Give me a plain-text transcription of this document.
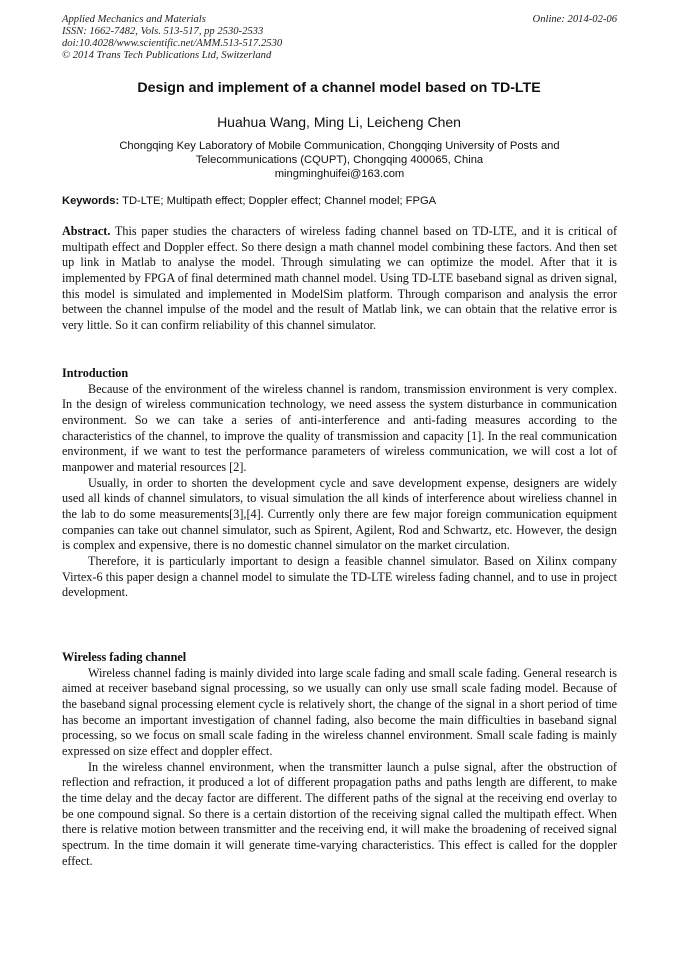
Applied Mechanics and Materials
ISSN: 1662-7482, Vols. 513-517, pp 2530-2533
doi:10.4028/www.scientific.net/AMM.513-517.2530
© 2014 Trans Tech Publications Ltd, Switzerland
Online: 2014-02-06
Design and implement of a channel model based on TD-LTE
Huahua Wang, Ming Li, Leicheng Chen
Chongqing Key Laboratory of Mobile Communication, Chongqing University of Posts and
Telecommunications (CQUPT), Chongqing 400065, China
mingminghuifei@163.com
Keywords: TD-LTE; Multipath effect; Doppler effect; Channel model; FPGA

Abstract. This paper studies the characters of wireless fading channel based on TD-LTE, and it is critical of multipath effect and Doppler effect. So there design a math channel model combining these factors. And then set up link in Matlab to analyse the model. Through simulating we can optimize the model. After that it is implemented by FPGA of final determined math channel model. Using TD-LTE baseband signal as driven signal, this model is simulated and implemented in ModelSim platform. Through comparison and analysis the error between the channel impulse of the model and the result of Matlab link, we can obtain that the relative error is very little. So it can confirm reliability of this channel simulator.

Introduction

Because of the environment of the wireless channel is random, transmission environment is very complex. In the design of wireless communication technology, we need assess the system disturbance in communication environment. So we can take a series of anti-interference and anti-fading measures according to the characteristics of the channel, to improve the quality of transmission and capacity [1]. In the real communication environment, if we want to test the performance parameters of wireless communication, we will cost a lot of manpower and material resources [2].

Usually, in order to shorten the development cycle and save development expense, designers are widely used all kinds of channel simulators, to visual simulation the all kinds of interference about wireliess channel in the lab to do some measurements[3],[4]. Currently only there are few major foreign communication equipment companies can take out channel simulator, such as Spirent, Agilent, Rod and Schwartz, etc. However, the design is complex and expensive, there is no domestic channel simulator on the market circulation.

Therefore, it is particularly important to design a feasible channel simulator. Based on Xilinx company Virtex-6 this paper design a channel model to simulate the TD-LTE wireless fading channel, and to use in project development.

Wireless fading channel

Wireless channel fading is mainly divided into large scale fading and small scale fading. General research is aimed at receiver baseband signal processing, so we usually can only use small scale fading model. Because of the baseband signal processing element cycle is relatively short, the change of the signal in a short period of time has become an important investigation of channel fading, also become the main difficulties in baseband signal processing, so we focus on small scale fading in the wireless channel environment. Small scale fading is mainly expressed on size effect and doppler effect.

In the wireless channel environment, when the transmitter launch a pulse signal, after the obstruction of reflection and refraction, it produced a lot of different propagation paths and paths length are different, to make the time delay and the decay factor are different. The different paths of the signal at the receiving end overlay to be one compound signal. So there is a certain distortion of the receiving signal called the multipath effect. When there is relative motion between transmitter and the receiving end, it will make the broadening of received signal spectrum. In the time domain it will generate time-varying characteristics. This effect is called for the doppler effect.
